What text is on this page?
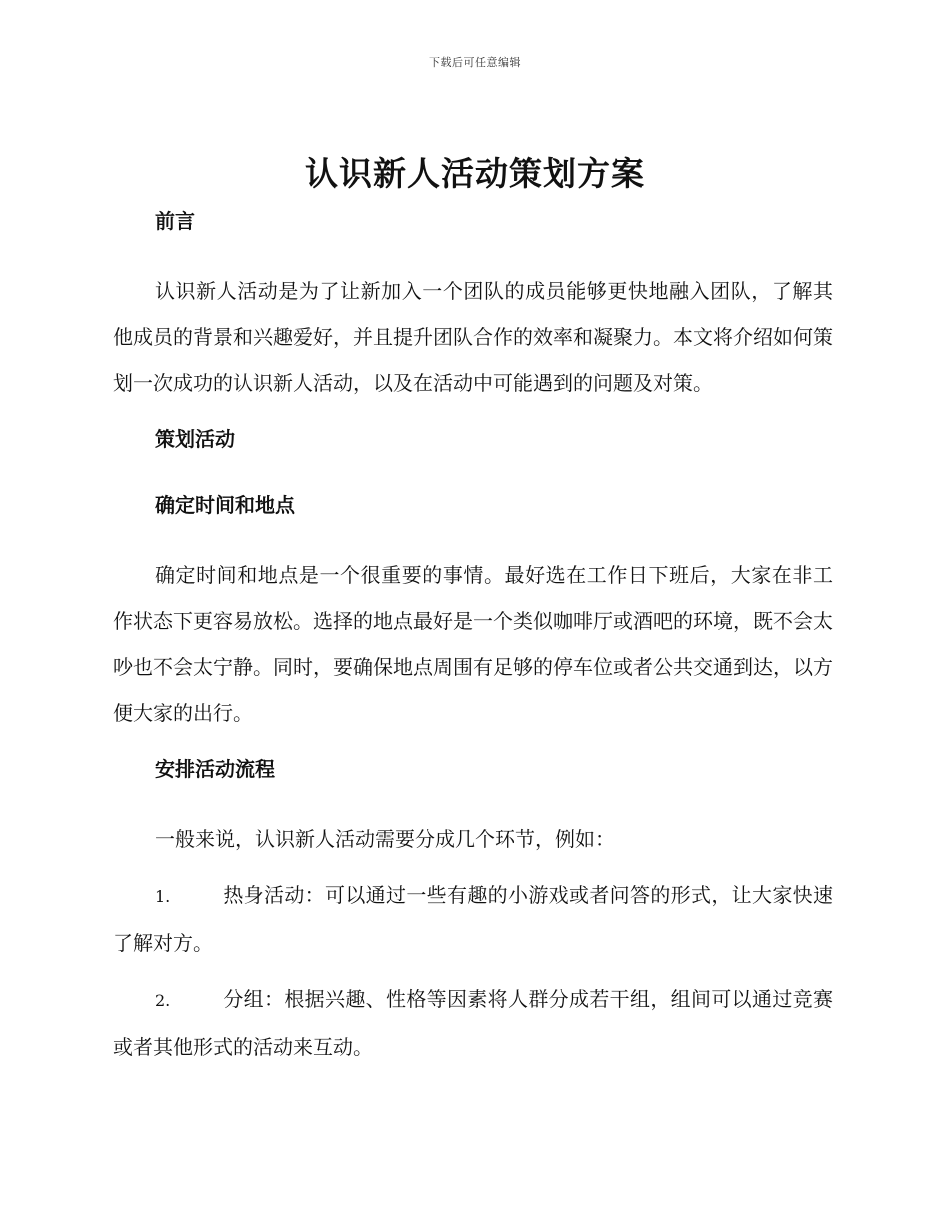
下载后可任意编辑
认识新人活动策划方案
前言

认识新人活动是为了让新加入一个团队的成员能够更快地融入团队，了解其他成员的背景和兴趣爱好，并且提升团队合作的效率和凝聚力。本文将介绍如何策划一次成功的认识新人活动，以及在活动中可能遇到的问题及对策。

策划活动
确定时间和地点

确定时间和地点是一个很重要的事情。最好选在工作日下班后，大家在非工作状态下更容易放松。选择的地点最好是一个类似咖啡厅或酒吧的环境，既不会太吵也不会太宁静。同时，要确保地点周围有足够的停车位或者公共交通到达，以方便大家的出行。

安排活动流程

一般来说，认识新人活动需要分成几个环节，例如：

1.	热身活动：可以通过一些有趣的小游戏或者问答的形式，让大家快速了解对方。

2.	分组：根据兴趣、性格等因素将人群分成若干组，组间可以通过竞赛或者其他形式的活动来互动。
